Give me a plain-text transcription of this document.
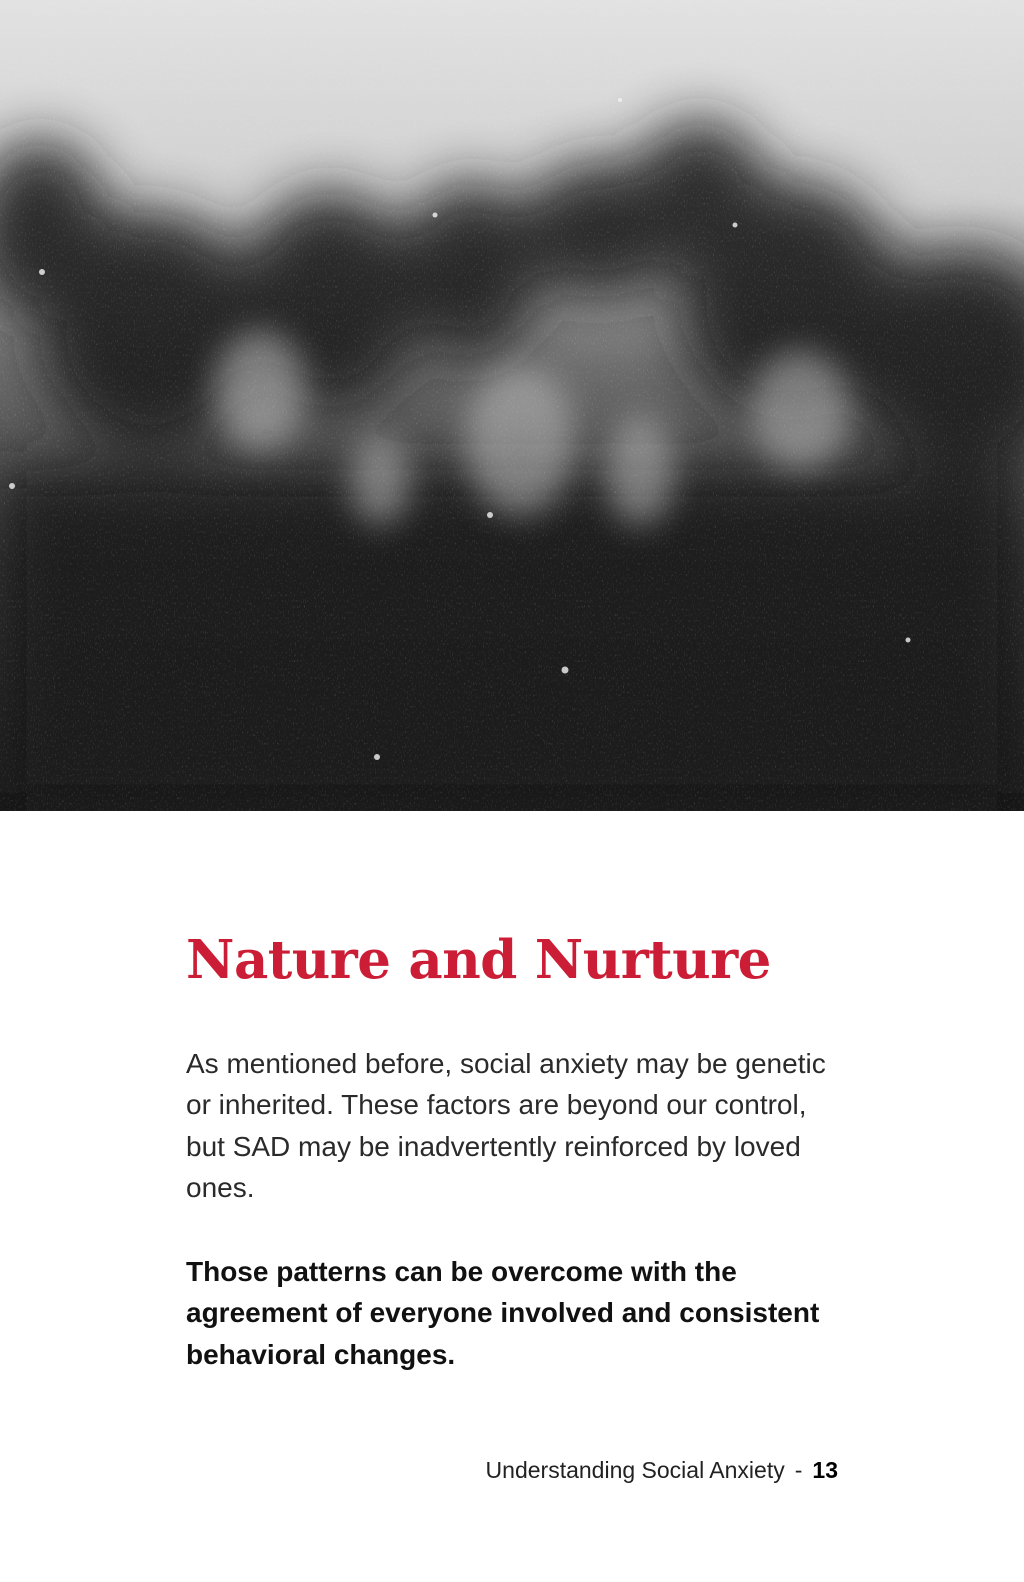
Nature and Nurture

As mentioned before, social anxiety may be genetic or inherited. These factors are beyond our control, but SAD may be inadvertently reinforced by loved ones.

Those patterns can be overcome with the agreement of everyone involved and consistent behavioral changes.

Understanding Social Anxiety - 13
